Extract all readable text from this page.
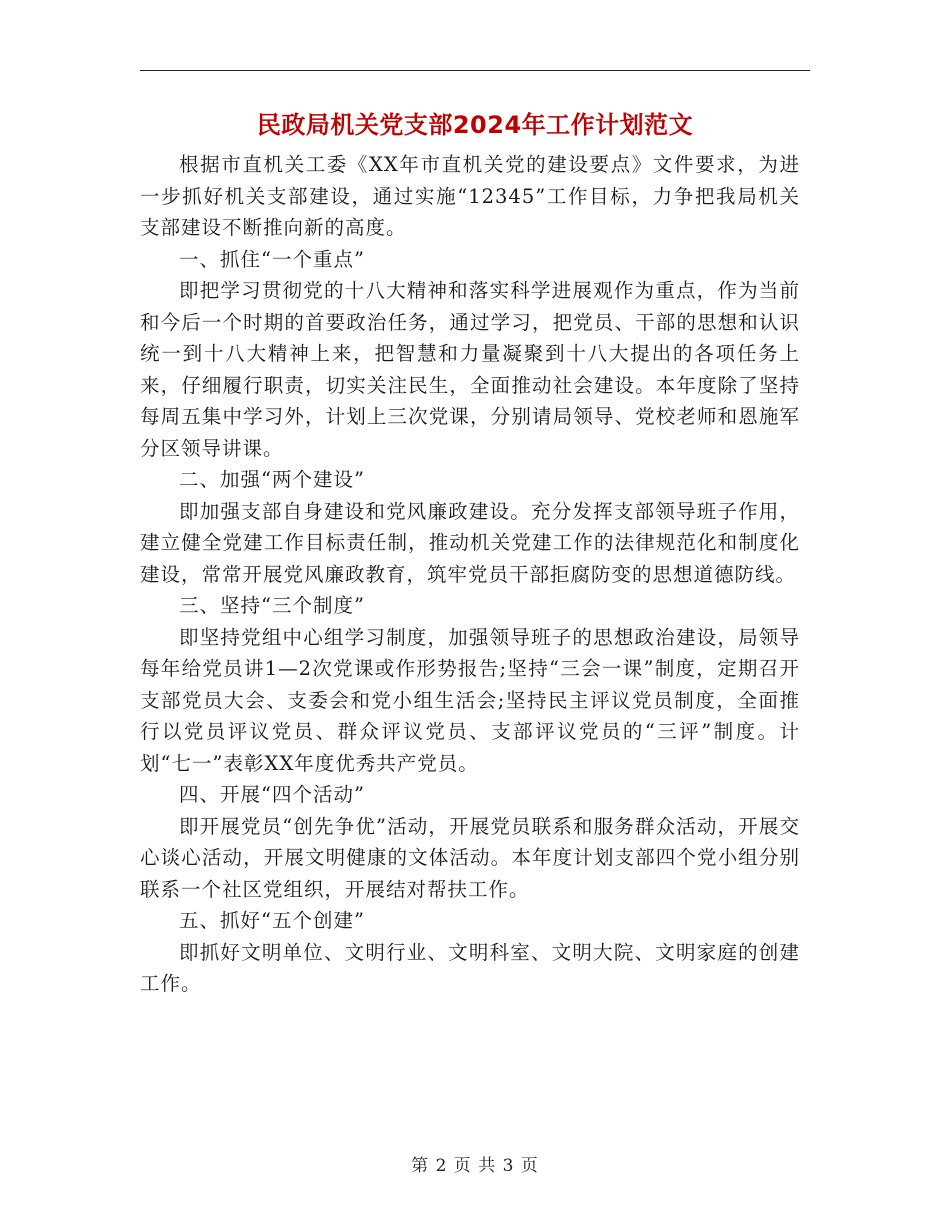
民政局机关党支部2024年工作计划范文

根据市直机关工委《XX年市直机关党的建设要点》文件要求，为进一步抓好机关支部建设，通过实施“12345”工作目标，力争把我局机关支部建设不断推向新的高度。

一、抓住“一个重点”

即把学习贯彻党的十八大精神和落实科学进展观作为重点，作为当前和今后一个时期的首要政治任务，通过学习，把党员、干部的思想和认识统一到十八大精神上来，把智慧和力量凝聚到十八大提出的各项任务上来，仔细履行职责，切实关注民生，全面推动社会建设。本年度除了坚持每周五集中学习外，计划上三次党课，分别请局领导、党校老师和恩施军分区领导讲课。

二、加强“两个建设”

即加强支部自身建设和党风廉政建设。充分发挥支部领导班子作用，建立健全党建工作目标责任制，推动机关党建工作的法律规范化和制度化建设，常常开展党风廉政教育，筑牢党员干部拒腐防变的思想道德防线。

三、坚持“三个制度”

即坚持党组中心组学习制度，加强领导班子的思想政治建设，局领导每年给党员讲1—2次党课或作形势报告;坚持“三会一课”制度，定期召开支部党员大会、支委会和党小组生活会;坚持民主评议党员制度，全面推行以党员评议党员、群众评议党员、支部评议党员的“三评”制度。计划“七一”表彰XX年度优秀共产党员。

四、开展“四个活动”

即开展党员“创先争优”活动，开展党员联系和服务群众活动，开展交心谈心活动，开展文明健康的文体活动。本年度计划支部四个党小组分别联系一个社区党组织，开展结对帮扶工作。

五、抓好“五个创建”

即抓好文明单位、文明行业、文明科室、文明大院、文明家庭的创建工作。

第 2 页 共 3 页
